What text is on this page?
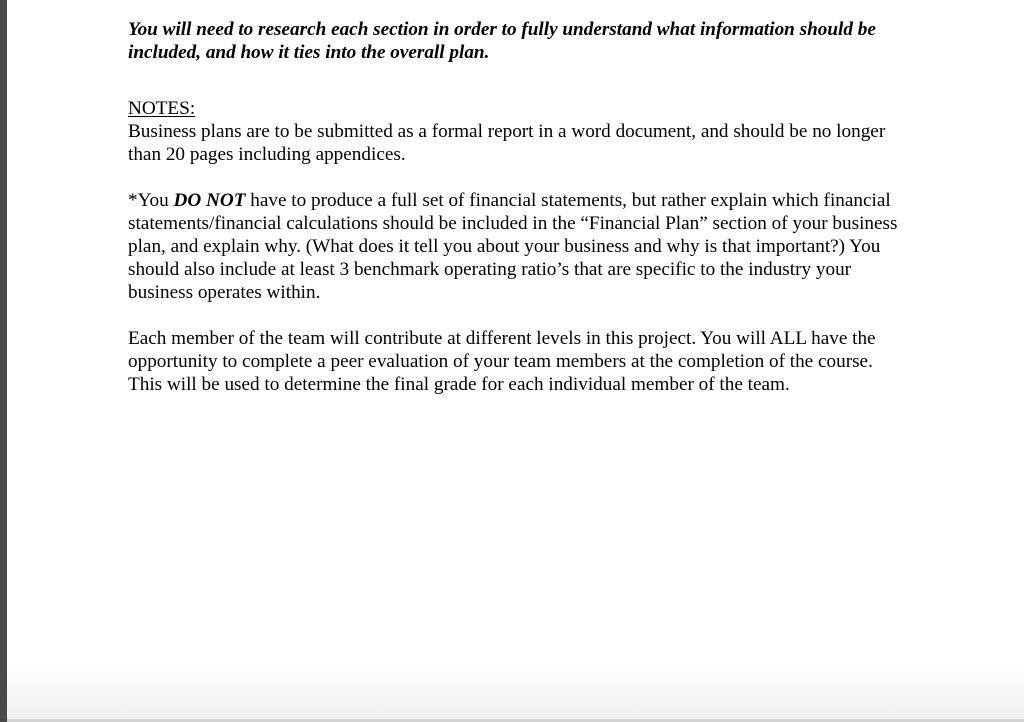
You will need to research each section in order to fully understand what information should be included, and how it ties into the overall plan.

NOTES:

Business plans are to be submitted as a formal report in a word document, and should be no longer than 20 pages including appendices.

*You DO NOT have to produce a full set of financial statements, but rather explain which financial statements/financial calculations should be included in the “Financial Plan” section of your business plan, and explain why. (What does it tell you about your business and why is that important?) You should also include at least 3 benchmark operating ratio’s that are specific to the industry your business operates within.

Each member of the team will contribute at different levels in this project. You will ALL have the opportunity to complete a peer evaluation of your team members at the completion of the course. This will be used to determine the final grade for each individual member of the team.
